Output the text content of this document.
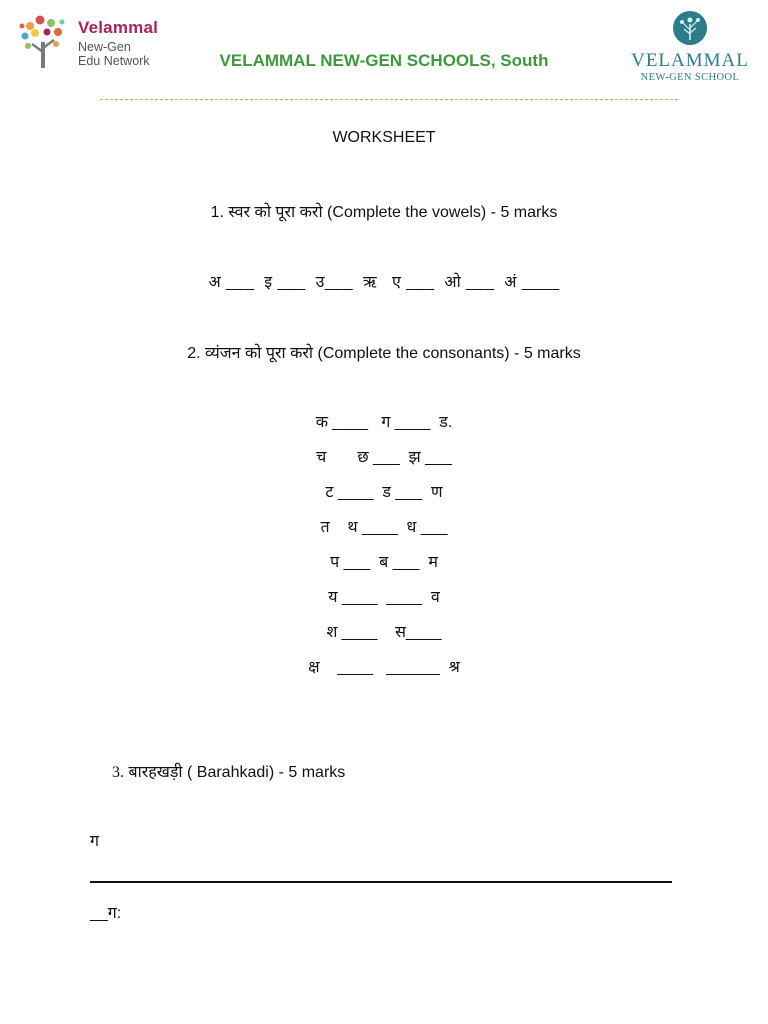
Velammal
New-Gen
Edu Network	VELAMMAL NEW-GEN SCHOOLS, South	VELAMMAL
NEW-GEN SCHOOL
WORKSHEET
1. स्वर को पूरा करो (Complete the vowels) - 5 marks
अ ___  इ ___  उ___  ऋ   ए ___  ओ ___  अं ____
2. व्यंजन को पूरा करो (Complete the consonants) - 5 marks
क ____   ग ____  ड.
च       छ ___  झ ___
ट ____  ड ___  ण
त    थ ____  ध ___
प ___  ब ___  म
य ____  ____  व
श ____    स____
क्ष    ____   ______  श्र
3. बारहखड़ी ( Barahkadi) - 5 marks
ग
__ग:
